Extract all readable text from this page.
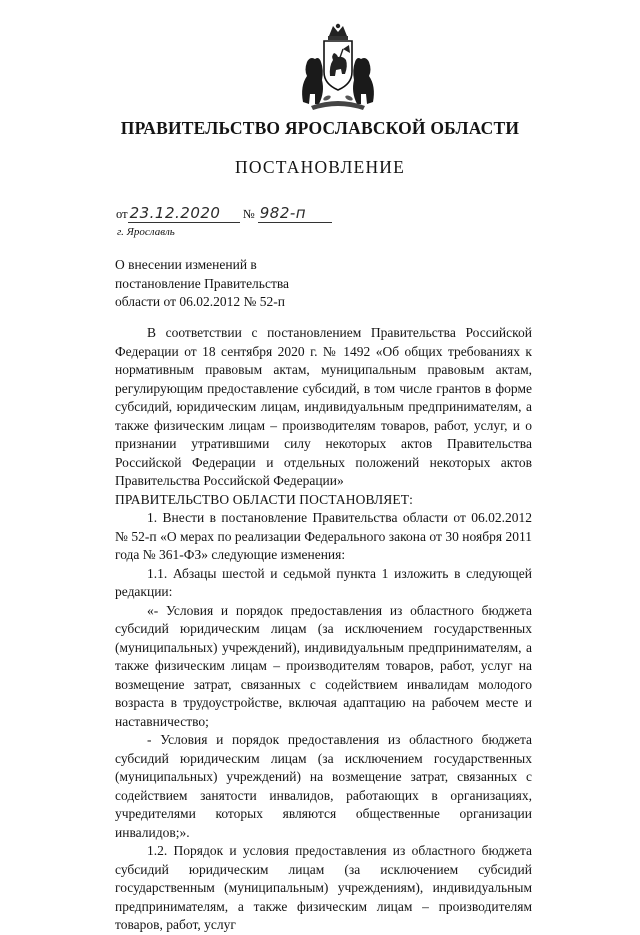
ПРАВИТЕЛЬСТВО ЯРОСЛАВСКОЙ ОБЛАСТИ
ПОСТАНОВЛЕНИЕ
от 23.12.2020 № 982-п
г. Ярославль
О внесении изменений в
постановление Правительства
области от 06.02.2012 № 52-п

В соответствии с постановлением Правительства Российской Федерации от 18 сентября 2020 г. № 1492 «Об общих требованиях к нормативным правовым актам, муниципальным правовым актам, регулирующим предоставление субсидий, в том числе грантов в форме субсидий, юридическим лицам, индивидуальным предпринимателям, а также физическим лицам – производителям товаров, работ, услуг, и о признании утратившими силу некоторых актов Правительства Российской Федерации и отдельных положений некоторых актов Правительства Российской Федерации»

ПРАВИТЕЛЬСТВО ОБЛАСТИ ПОСТАНОВЛЯЕТ:

1. Внести в постановление Правительства области от 06.02.2012 № 52-п «О мерах по реализации Федерального закона от 30 ноября 2011 года № 361-ФЗ» следующие изменения:

1.1. Абзацы шестой и седьмой пункта 1 изложить в следующей редакции:

«- Условия и порядок предоставления из областного бюджета субсидий юридическим лицам (за исключением государственных (муниципальных) учреждений), индивидуальным предпринимателям, а также физическим лицам – производителям товаров, работ, услуг на возмещение затрат, связанных с содействием инвалидам молодого возраста в трудоустройстве, включая адаптацию на рабочем месте и наставничество;

- Условия и порядок предоставления из областного бюджета субсидий юридическим лицам (за исключением государственных (муниципальных) учреждений) на возмещение затрат, связанных с содействием занятости инвалидов, работающих в организациях, учредителями которых являются общественные организации инвалидов;».

1.2. Порядок и условия предоставления из областного бюджета субсидий юридическим лицам (за исключением субсидий государственным (муниципальным) учреждениям), индивидуальным предпринимателям, а также физическим лицам – производителям товаров, работ, услуг
